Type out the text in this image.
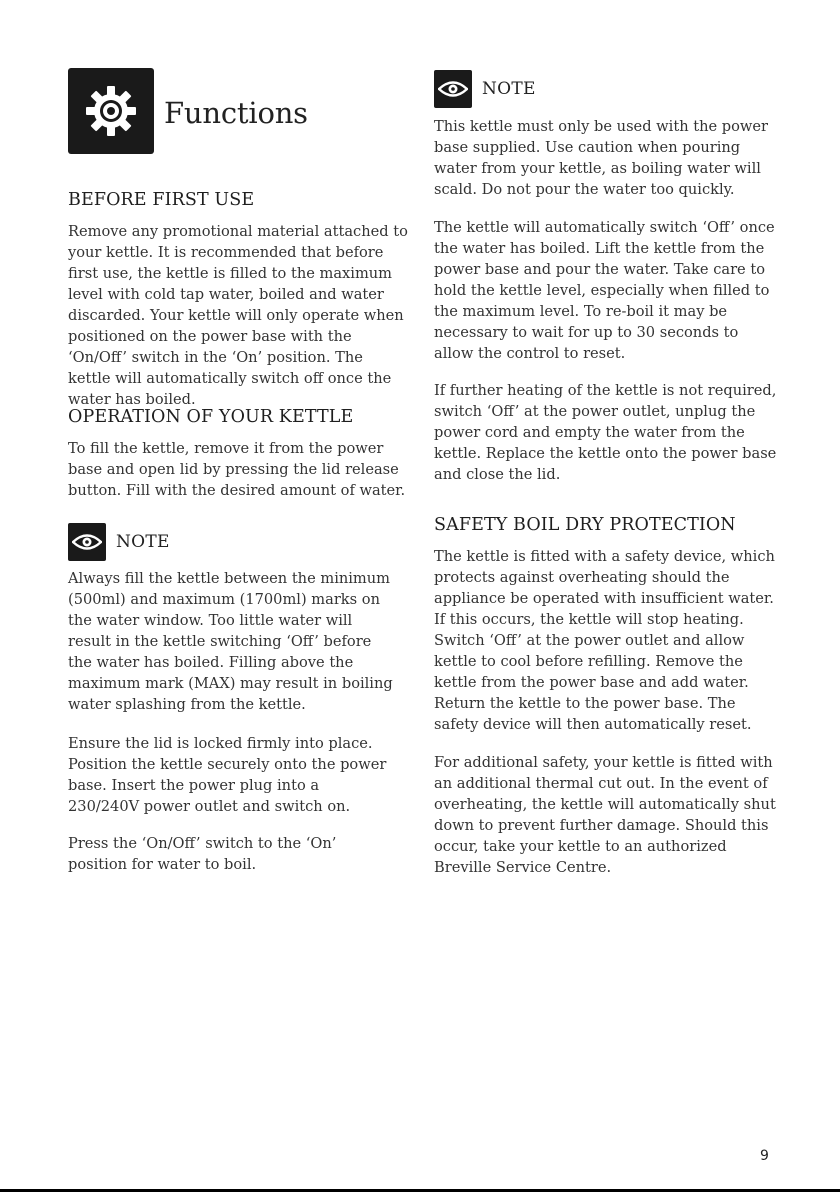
Functions
BEFORE FIRST USE

Remove any promotional material attached to your kettle. It is recommended that before first use, the kettle is filled to the maximum level with cold tap water, boiled and water discarded. Your kettle will only operate when positioned on the power base with the ‘On/Off’ switch in the ‘On’ position. The kettle will automatically switch off once the water has boiled.

OPERATION OF YOUR KETTLE

To fill the kettle, remove it from the power base and open lid by pressing the lid release button. Fill with the desired amount of water.

NOTE

Always fill the kettle between the minimum (500ml) and maximum (1700ml) marks on the water window. Too little water will result in the kettle switching ‘Off’ before the water has boiled. Filling above the maximum mark (MAX) may result in boiling water splashing from the kettle.

Ensure the lid is locked firmly into place. Position the kettle securely onto the power base. Insert the power plug into a 230/240V power outlet and switch on.

Press the ‘On/Off’ switch to the ‘On’ position for water to boil.

NOTE

This kettle must only be used with the power base supplied. Use caution when pouring water from your kettle, as boiling water will scald. Do not pour the water too quickly.

The kettle will automatically switch ‘Off’ once the water has boiled. Lift the kettle from the power base and pour the water. Take care to hold the kettle level, especially when filled to the maximum level. To re-boil it may be necessary to wait for up to 30 seconds to allow the control to reset.

If further heating of the kettle is not required, switch ‘Off’ at the power outlet, unplug the power cord and empty the water from the kettle. Replace the kettle onto the power base and close the lid.

SAFETY BOIL DRY PROTECTION

The kettle is fitted with a safety device, which protects against overheating should the appliance be operated with insufficient water. If this occurs, the kettle will stop heating. Switch ‘Off’ at the power outlet and allow kettle to cool before refilling. Remove the kettle from the power base and add water. Return the kettle to the power base. The safety device will then automatically reset.

For additional safety, your kettle is fitted with an additional thermal cut out. In the event of overheating, the kettle will automatically shut down to prevent further damage. Should this occur, take your kettle to an authorized Breville Service Centre.

9
